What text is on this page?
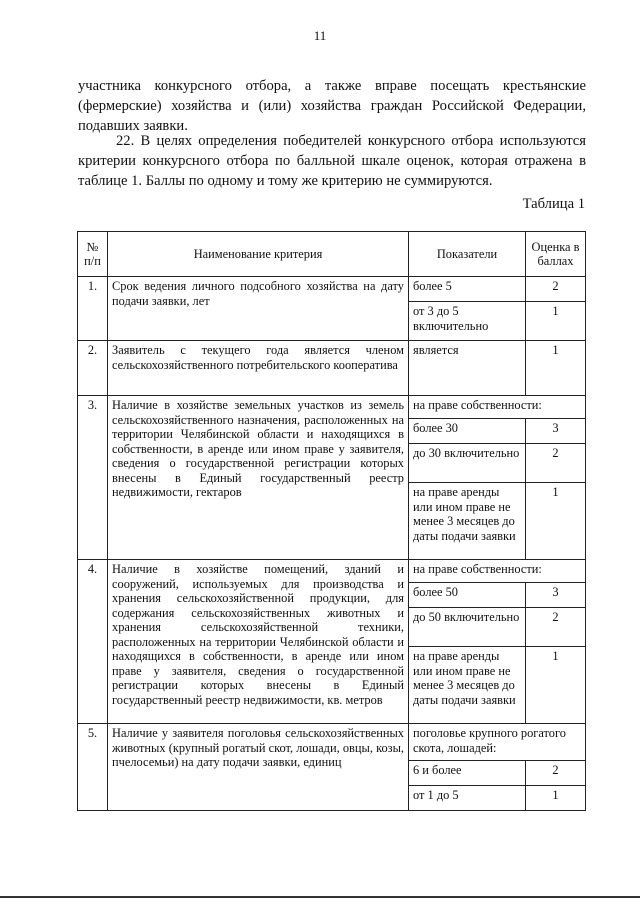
11
участника конкурсного отбора, а также вправе посещать крестьянские (фермерские) хозяйства и (или) хозяйства граждан Российской Федерации, подавших заявки.
22. В целях определения победителей конкурсного отбора используются критерии конкурсного отбора по балльной шкале оценок, которая отражена в таблице 1. Баллы по одному и тому же критерию не суммируются.
Таблица 1
№ п/п	Наименование критерия	Показатели	Оценка в баллах
1.	Срок ведения личного подсобного хозяйства на дату подачи заявки, лет	более 5	2
		от 3 до 5 включительно	1
2.	Заявитель с текущего года является членом сельскохозяйственного потребительского кооператива	является	1
3.	Наличие в хозяйстве земельных участков из земель сельскохозяйственного назначения, расположенных на территории Челябинской области и находящихся в собственности, в аренде или ином праве у заявителя, сведения о государственной регистрации которых внесены в Единый государственный реестр недвижимости, гектаров	на праве собственности:	
		более 30	3
		до 30 включительно	2
		на праве аренды или ином праве не менее 3 месяцев до даты подачи заявки	1
4.	Наличие в хозяйстве помещений, зданий и сооружений, используемых для производства и хранения сельскохозяйственной продукции, для содержания сельскохозяйственных животных и хранения сельскохозяйственной техники, расположенных на территории Челябинской области и находящихся в собственности, в аренде или ином праве у заявителя, сведения о государственной регистрации которых внесены в Единый государственный реестр недвижимости, кв. метров	на праве собственности:	
		более 50	3
		до 50 включительно	2
		на праве аренды или ином праве не менее 3 месяцев до даты подачи заявки	1
5.	Наличие у заявителя поголовья сельскохозяйственных животных (крупный рогатый скот, лошади, овцы, козы, пчелосемьи) на дату подачи заявки, единиц	поголовье крупного рогатого скота, лошадей:	
		6 и более	2
		от 1 до 5	1
